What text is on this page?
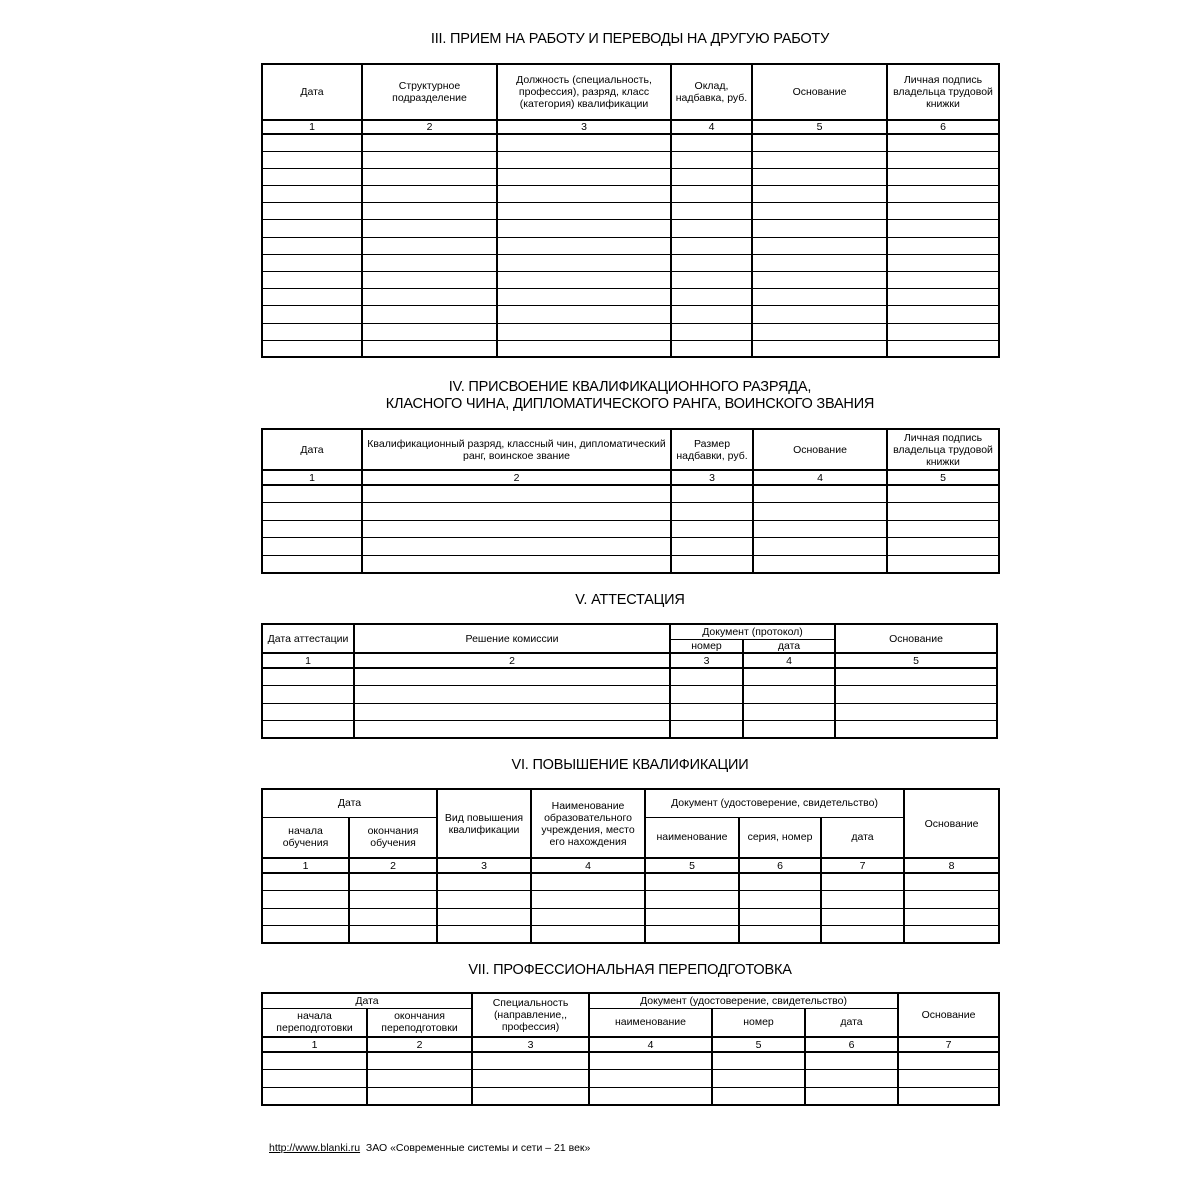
III. ПРИЕМ НА РАБОТУ И ПЕРЕВОДЫ НА ДРУГУЮ РАБОТУ
Дата	Структурное подразделение	Должность (специальность, профессия), разряд, класс (категория) квалификации	Оклад, надбавка, руб.	Основание	Личная подпись владельца трудовой книжки
1	2	3	4	5	6

IV. ПРИСВОЕНИЕ КВАЛИФИКАЦИОННОГО РАЗРЯДА,
КЛАСНОГО ЧИНА, ДИПЛОМАТИЧЕСКОГО РАНГА, ВОИНСКОГО ЗВАНИЯ
Дата	Квалификационный разряд, классный чин, дипломатический ранг, воинское звание	Размер надбавки, руб.	Основание	Личная подпись владельца трудовой книжки
1	2	3	4	5

V. АТТЕСТАЦИЯ
Дата аттестации	Решение комиссии	Документ (протокол)		Основание
		номер	дата	
1	2	3	4	5

VI. ПОВЫШЕНИЕ КВАЛИФИКАЦИИ
Дата		Вид повышения квалификации	Наименование образовательного учреждения, место его нахождения	Документ (удостоверение, свидетельство)			Основание
начала обучения	окончания обучения			наименование	серия, номер	дата	
1	2	3	4	5	6	7	8

VII. ПРОФЕССИОНАЛЬНАЯ ПЕРЕПОДГОТОВКА
Дата		Специальность (направление,, профессия)	Документ (удостоверение, свидетельство)			Основание
начала переподготовки	окончания переподготовки		наименование	номер	дата	
1	2	3	4	5	6	7

http://www.blanki.ru ЗАО «Современные системы и сети – 21 век»
